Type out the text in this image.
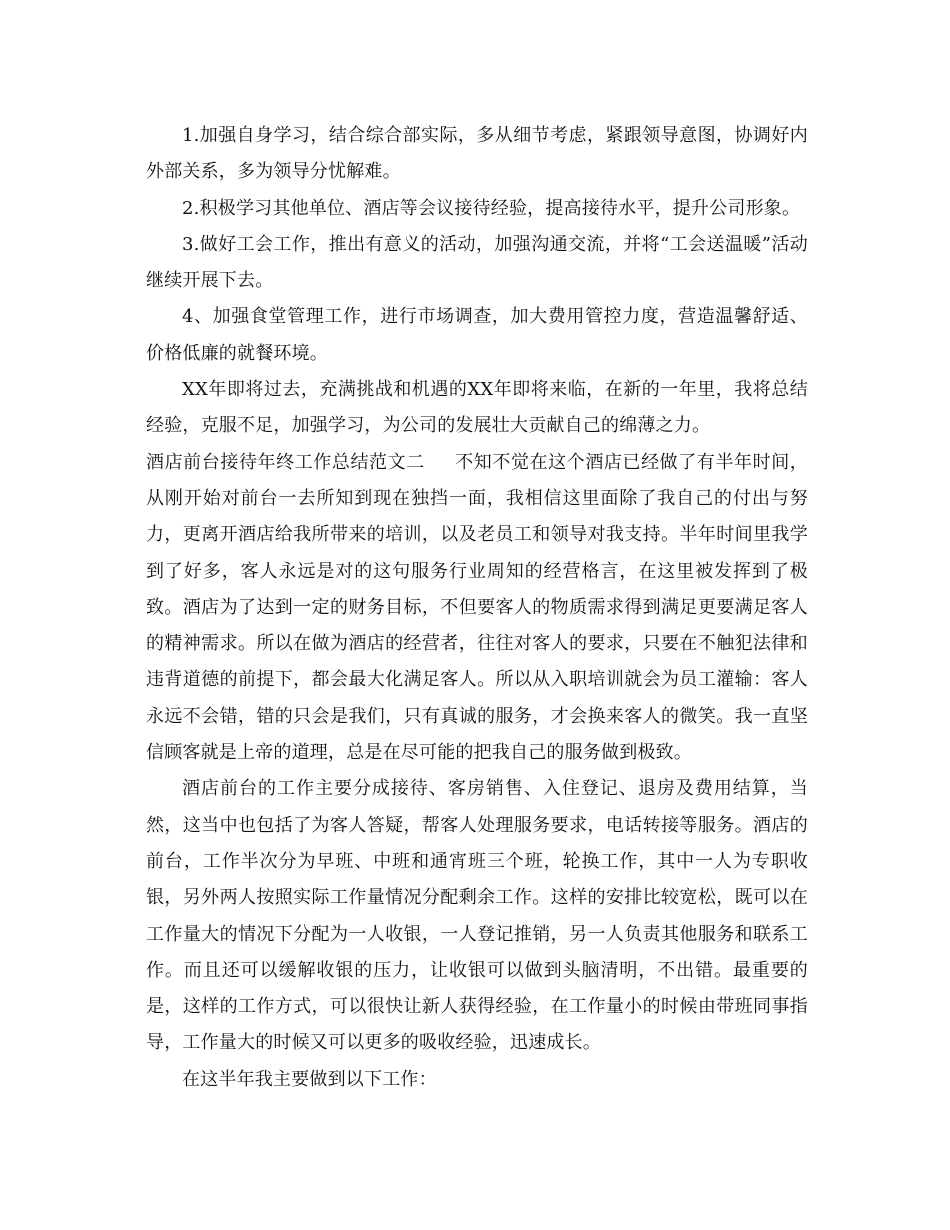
1.加强自身学习，结合综合部实际，多从细节考虑，紧跟领导意图，协调好内外部关系，多为领导分忧解难。

2.积极学习其他单位、酒店等会议接待经验，提高接待水平，提升公司形象。

3.做好工会工作，推出有意义的活动，加强沟通交流，并将“工会送温暖”活动继续开展下去。

4、加强食堂管理工作，进行市场调查，加大费用管控力度，营造温馨舒适、价格低廉的就餐环境。

XX年即将过去，充满挑战和机遇的XX年即将来临，在新的一年里，我将总结经验，克服不足，加强学习，为公司的发展壮大贡献自己的绵薄之力。

酒店前台接待年终工作总结范文二 不知不觉在这个酒店已经做了有半年时间，从刚开始对前台一去所知到现在独挡一面，我相信这里面除了我自己的付出与努力，更离开酒店给我所带来的培训，以及老员工和领导对我支持。半年时间里我学到了好多，客人永远是对的这句服务行业周知的经营格言，在这里被发挥到了极致。酒店为了达到一定的财务目标，不但要客人的物质需求得到满足更要满足客人的精神需求。所以在做为酒店的经营者，往往对客人的要求，只要在不触犯法律和违背道德的前提下，都会最大化满足客人。所以从入职培训就会为员工灌输：客人永远不会错，错的只会是我们，只有真诚的服务，才会换来客人的微笑。我一直坚信顾客就是上帝的道理，总是在尽可能的把我自己的服务做到极致。

酒店前台的工作主要分成接待、客房销售、入住登记、退房及费用结算，当然，这当中也包括了为客人答疑，帮客人处理服务要求，电话转接等服务。酒店的前台，工作半次分为早班、中班和通宵班三个班，轮换工作，其中一人为专职收银，另外两人按照实际工作量情况分配剩余工作。这样的安排比较宽松，既可以在工作量大的情况下分配为一人收银，一人登记推销，另一人负责其他服务和联系工作。而且还可以缓解收银的压力，让收银可以做到头脑清明，不出错。最重要的是，这样的工作方式，可以很快让新人获得经验，在工作量小的时候由带班同事指导，工作量大的时候又可以更多的吸收经验，迅速成长。

在这半年我主要做到以下工作：
